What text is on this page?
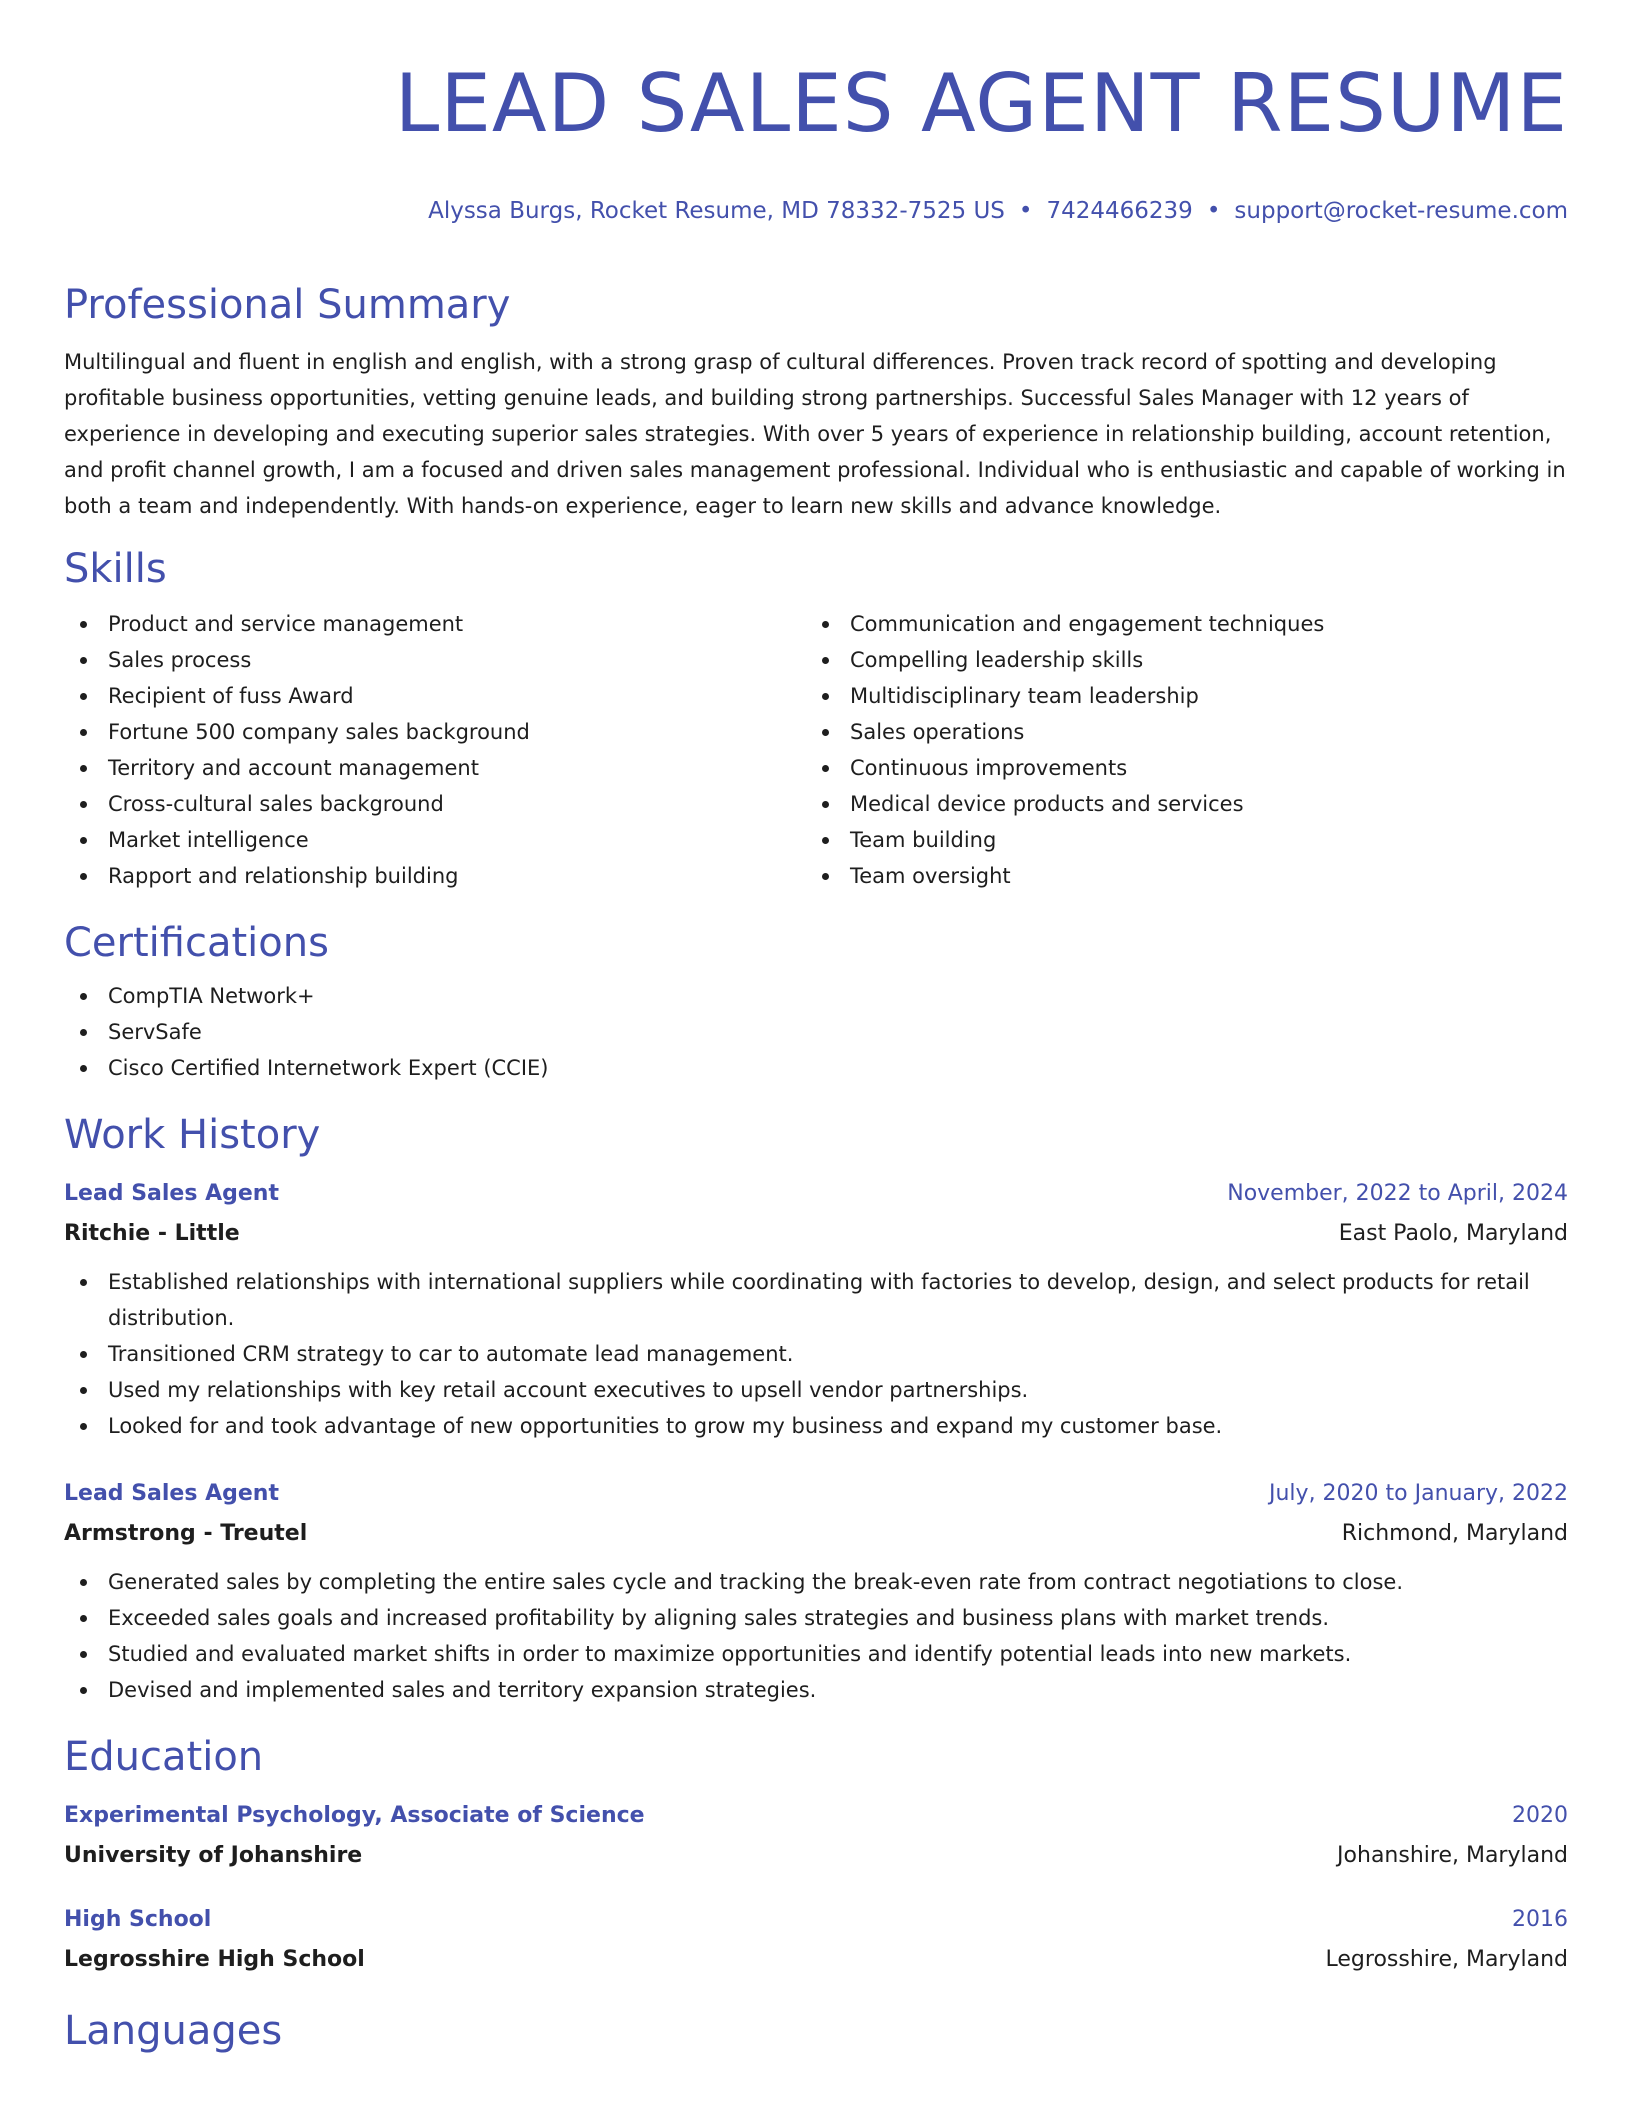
LEAD SALES AGENT RESUME
Alyssa Burgs, Rocket Resume, MD 78332-7525 US • 7424466239 • support@rocket-resume.com
Professional Summary

Multilingual and fluent in english and english, with a strong grasp of cultural differences. Proven track record of spotting and developing profitable business opportunities, vetting genuine leads, and building strong partnerships. Successful Sales Manager with 12 years of experience in developing and executing superior sales strategies. With over 5 years of experience in relationship building, account retention, and profit channel growth, I am a focused and driven sales management professional. Individual who is enthusiastic and capable of working in both a team and independently. With hands-on experience, eager to learn new skills and advance knowledge.

Skills
Product and service management
Sales process
Recipient of fuss Award
Fortune 500 company sales background
Territory and account management
Cross-cultural sales background
Market intelligence
Rapport and relationship building
Communication and engagement techniques
Compelling leadership skills
Multidisciplinary team leadership
Sales operations
Continuous improvements
Medical device products and services
Team building
Team oversight
Certifications
CompTIA Network+
ServSafe
Cisco Certified Internetwork Expert (CCIE)
Work History
Lead Sales Agent	November, 2022 to April, 2024
Ritchie - Little	East Paolo, Maryland
Established relationships with international suppliers while coordinating with factories to develop, design, and select products for retail distribution.
Transitioned CRM strategy to car to automate lead management.
Used my relationships with key retail account executives to upsell vendor partnerships.
Looked for and took advantage of new opportunities to grow my business and expand my customer base.
Lead Sales Agent	July, 2020 to January, 2022
Armstrong - Treutel	Richmond, Maryland
Generated sales by completing the entire sales cycle and tracking the break-even rate from contract negotiations to close.
Exceeded sales goals and increased profitability by aligning sales strategies and business plans with market trends.
Studied and evaluated market shifts in order to maximize opportunities and identify potential leads into new markets.
Devised and implemented sales and territory expansion strategies.
Education
Experimental Psychology, Associate of Science	2020
University of Johanshire	Johanshire, Maryland
High School	2016
Legrosshire High School	Legrosshire, Maryland
Languages
